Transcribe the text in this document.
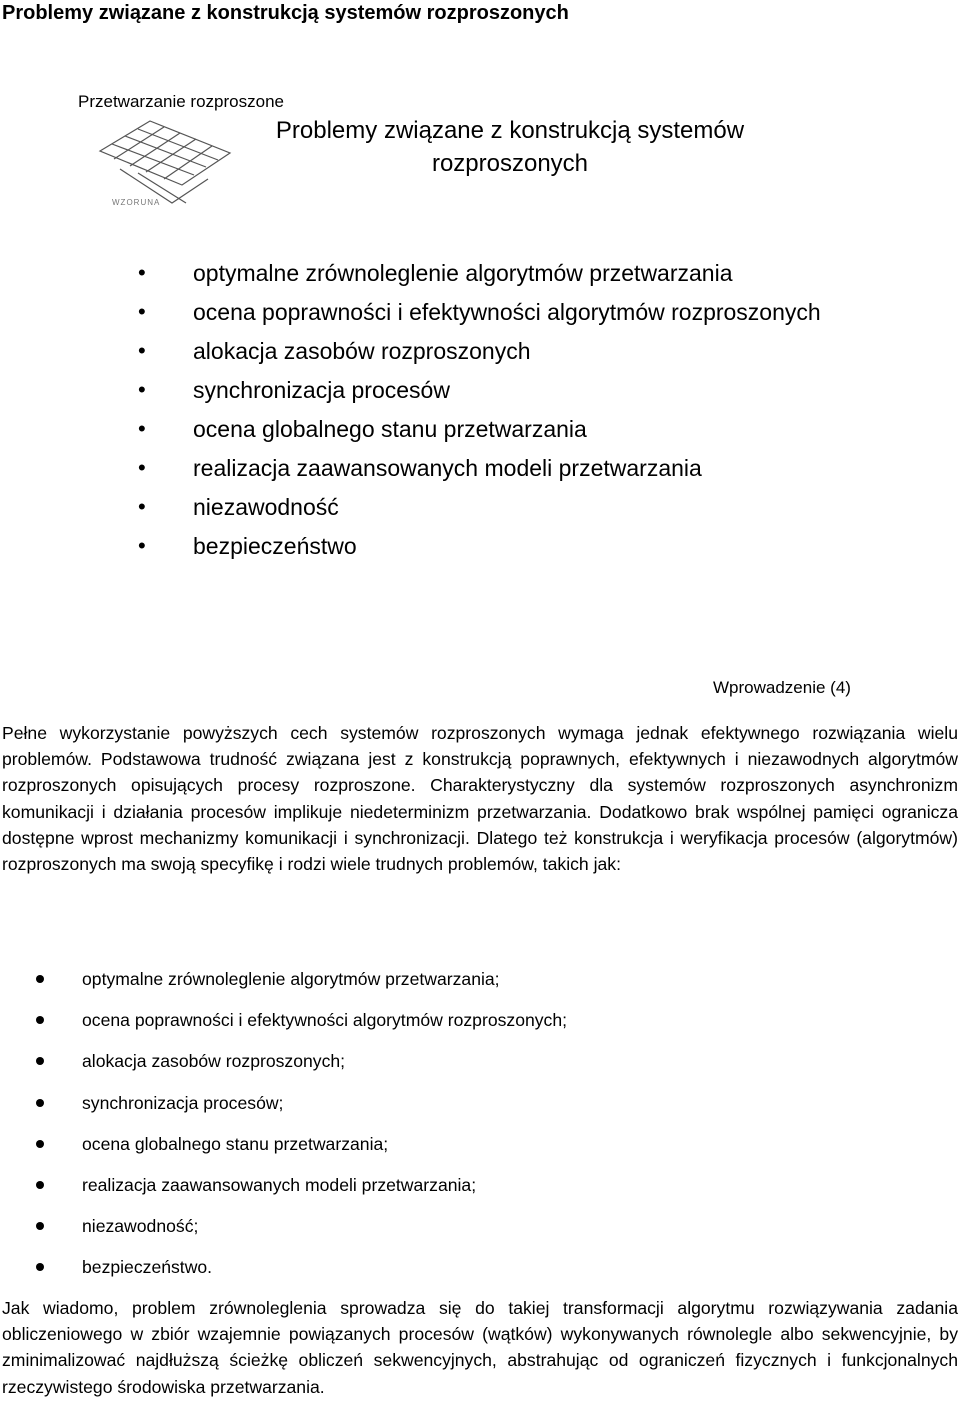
Problemy związane z konstrukcją systemów rozproszonych
Przetwarzanie rozproszone
WZORUNA
Problemy związane z konstrukcją systemów rozproszonych
• optymalne zrównoleglenie algorytmów przetwarzania
• ocena poprawności i efektywności algorytmów rozproszonych
• alokacja zasobów rozproszonych
• synchronizacja procesów
• ocena globalnego stanu przetwarzania
• realizacja zaawansowanych modeli przetwarzania
• niezawodność
• bezpieczeństwo
Wprowadzenie (4)

Pełne wykorzystanie powyższych cech systemów rozproszonych wymaga jednak efektywnego rozwiązania wielu problemów. Podstawowa trudność związana jest z konstrukcją poprawnych, efektywnych i niezawodnych algorytmów rozproszonych opisujących procesy rozproszone. Charakterystyczny dla systemów rozproszonych asynchronizm komunikacji i działania procesów implikuje niedeterminizm przetwarzania. Dodatkowo brak wspólnej pamięci ogranicza dostępne wprost mechanizmy komunikacji i synchronizacji. Dlatego też konstrukcja i weryfikacja procesów (algorytmów) rozproszonych ma swoją specyfikę i rodzi wiele trudnych problemów, takich jak:

optymalne zrównoleglenie algorytmów przetwarzania;
ocena poprawności i efektywności algorytmów rozproszonych;
alokacja zasobów rozproszonych;
synchronizacja procesów;
ocena globalnego stanu przetwarzania;
realizacja zaawansowanych modeli przetwarzania;
niezawodność;
bezpieczeństwo.

Jak wiadomo, problem zrównoleglenia sprowadza się do takiej transformacji algorytmu rozwiązywania zadania obliczeniowego w zbiór wzajemnie powiązanych procesów (wątków) wykonywanych równolegle albo sekwencyjnie, by zminimalizować najdłuższą ścieżkę obliczeń sekwencyjnych, abstrahując od ograniczeń fizycznych i funkcjonalnych rzeczywistego środowiska przetwarzania.
